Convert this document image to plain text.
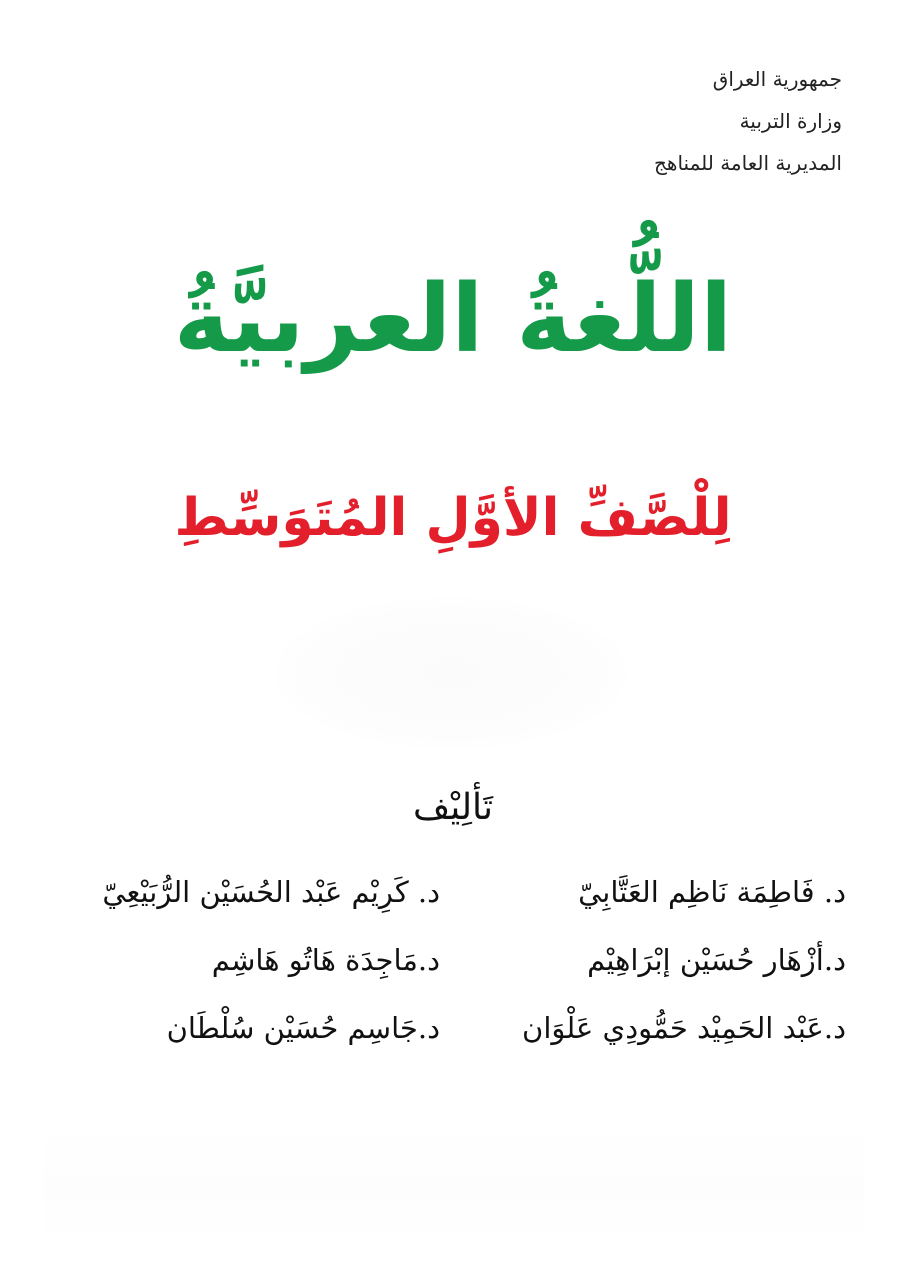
جمهورية العراق
وزارة التربية
المديرية العامة للمناهج
اللُّغةُ العربيَّةُ
لِلْصَّفِّ الأوَّلِ المُتَوَسِّطِ
تَألِيْف
د. فَاطِمَة نَاظِم العَتَّابِيّ
د.أزْهَار حُسَيْن إبْرَاهِيْم
د.عَبْد الحَمِيْد حَمُّودِي عَلْوَان
د. كَرِيْم عَبْد الحُسَيْن الرُّبَيْعِيّ
د.مَاجِدَة هَاتُو هَاشِم
د.جَاسِم حُسَيْن سُلْطَان
